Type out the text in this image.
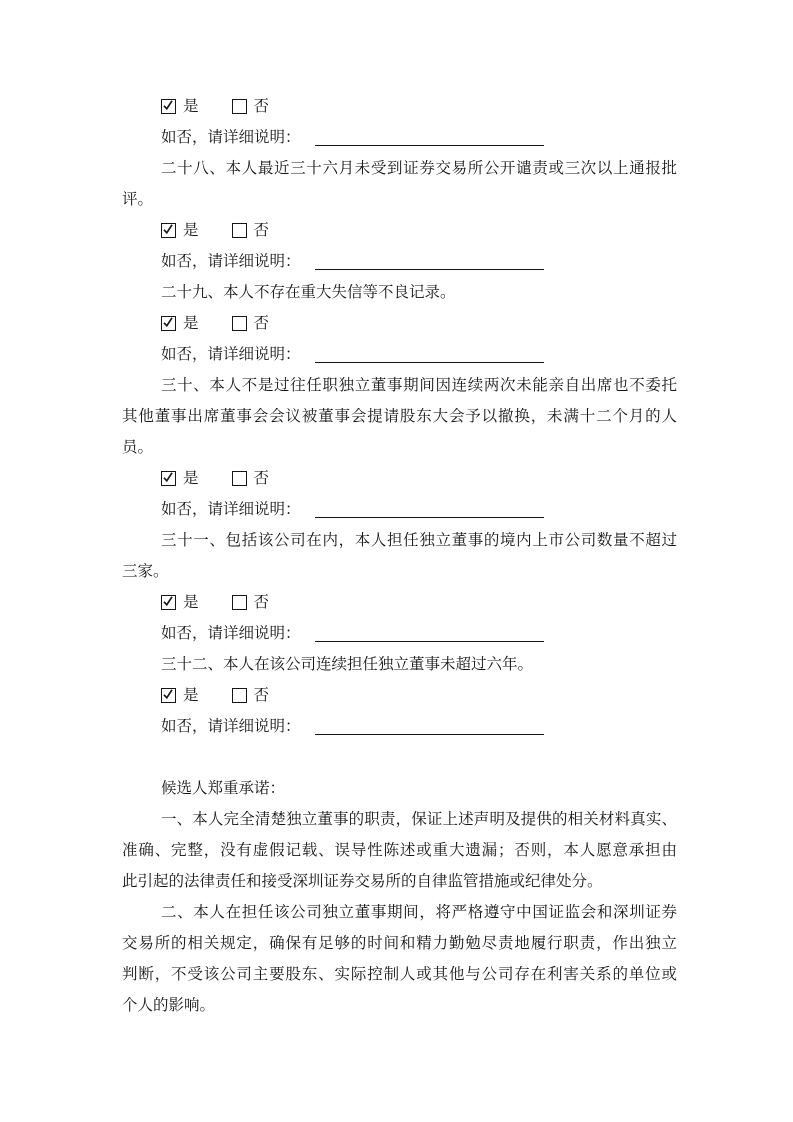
是	否
如否，请详细说明：
二十八、本人最近三十六月未受到证券交易所公开谴责或三次以上通报批
评。
是	否
如否，请详细说明：
二十九、本人不存在重大失信等不良记录。
是	否
如否，请详细说明：
三十、本人不是过往任职独立董事期间因连续两次未能亲自出席也不委托
其他董事出席董事会会议被董事会提请股东大会予以撤换，未满十二个月的人
员。
是	否
如否，请详细说明：
三十一、包括该公司在内，本人担任独立董事的境内上市公司数量不超过
三家。
是	否
如否，请详细说明：
三十二、本人在该公司连续担任独立董事未超过六年。
是	否
如否，请详细说明：
候选人郑重承诺：
一、本人完全清楚独立董事的职责，保证上述声明及提供的相关材料真实、
准确、完整，没有虚假记载、误导性陈述或重大遗漏；否则，本人愿意承担由
此引起的法律责任和接受深圳证券交易所的自律监管措施或纪律处分。
二、本人在担任该公司独立董事期间，将严格遵守中国证监会和深圳证券
交易所的相关规定，确保有足够的时间和精力勤勉尽责地履行职责，作出独立
判断，不受该公司主要股东、实际控制人或其他与公司存在利害关系的单位或
个人的影响。
